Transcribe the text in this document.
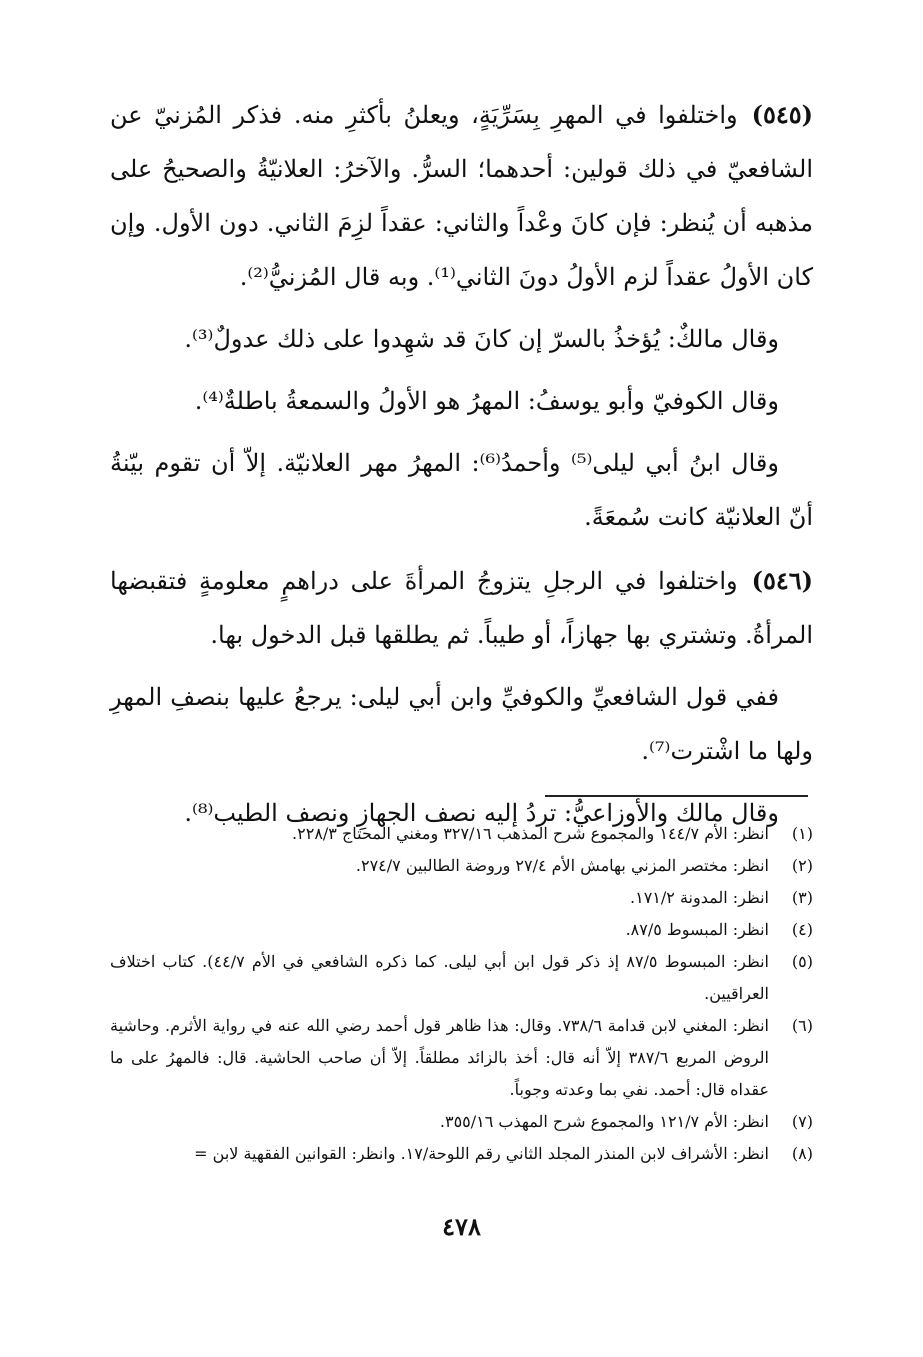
(٥٤٥)واختلفوا في المهرِ بِسَرِّيَةٍ، ويعلنُ بأكثرِ منه. فذكر المُزنيّ عن الشافعيّ في ذلك قولين: أحدهما؛ السرُّ. والآخرُ: العلانيّةُ والصحيحُ على مذهبه أن يُنظر: فإن كانَ وعْداً والثاني: عقداً لزِمَ الثاني. دون الأول. وإن كان الأولُ عقداً لزم الأولُ دونَ الثاني⁽¹⁾. وبه قال المُزنيُّ⁽²⁾.

وقال مالكٌ: يُؤخذُ بالسرّ إن كانَ قد شهِدوا على ذلك عدولٌ⁽³⁾.

وقال الكوفيّ وأبو يوسفُ: المهرُ هو الأولُ والسمعةُ باطلةٌ⁽⁴⁾.

وقال ابنُ أبي ليلى⁽⁵⁾ وأحمدُ⁽⁶⁾: المهرُ مهر العلانيّة. إلاّ أن تقوم بيّنةُ أنّ العلانيّة كانت سُمعَةً.

(٥٤٦)واختلفوا في الرجلِ يتزوجُ المرأةَ على دراهمٍ معلومةٍ فتقبضها المرأةُ. وتشتري بها جهازاً، أو طيباً. ثم يطلقها قبل الدخول بها.

ففي قول الشافعيِّ والكوفيِّ وابن أبي ليلى: يرجعُ عليها بنصفِ المهرِ ولها ما اشْترت⁽⁷⁾.

وقال مالك والأوزاعيُّ: تردُ إليه نصف الجهازِ ونصف الطيب⁽⁸⁾.

(١)
انظر: الأم ١٤٤/٧ والمجموع شرح المذهب ٣٢٧/١٦ ومغني المحتاج ٢٢٨/٣.
(٢)
انظر: مختصر المزني بهامش الأم ٢٧/٤ وروضة الطالبين ٢٧٤/٧.
(٣)
انظر: المدونة ١٧١/٢.
(٤)
انظر: المبسوط ٨٧/٥.
(٥)
انظر: المبسوط ٨٧/٥ إذ ذكر قول ابن أبي ليلى. كما ذكره الشافعي في الأم ٤٤/٧). كتاب اختلاف العراقيين.
(٦)
انظر: المغني لابن قدامة ٧٣٨/٦. وقال: هذا ظاهر قول أحمد رضي الله عنه في رواية الأثرم. وحاشية الروض المربع ٣٨٧/٦ إلاّ أنه قال: أخذ بالزائد مطلقاً. إلاّ أن صاحب الحاشية. قال: فالمهرُ على ما عقداه قال: أحمد. نفي بما وعدته وجوباً.
(٧)
انظر: الأم ١٢١/٧ والمجموع شرح المهذب ٣٥٥/١٦.
(٨)
انظر: الأشراف لابن المنذر المجلد الثاني رقم اللوحة/١٧. وانظر: القوانين الفقهية لابن =
٤٧٨
